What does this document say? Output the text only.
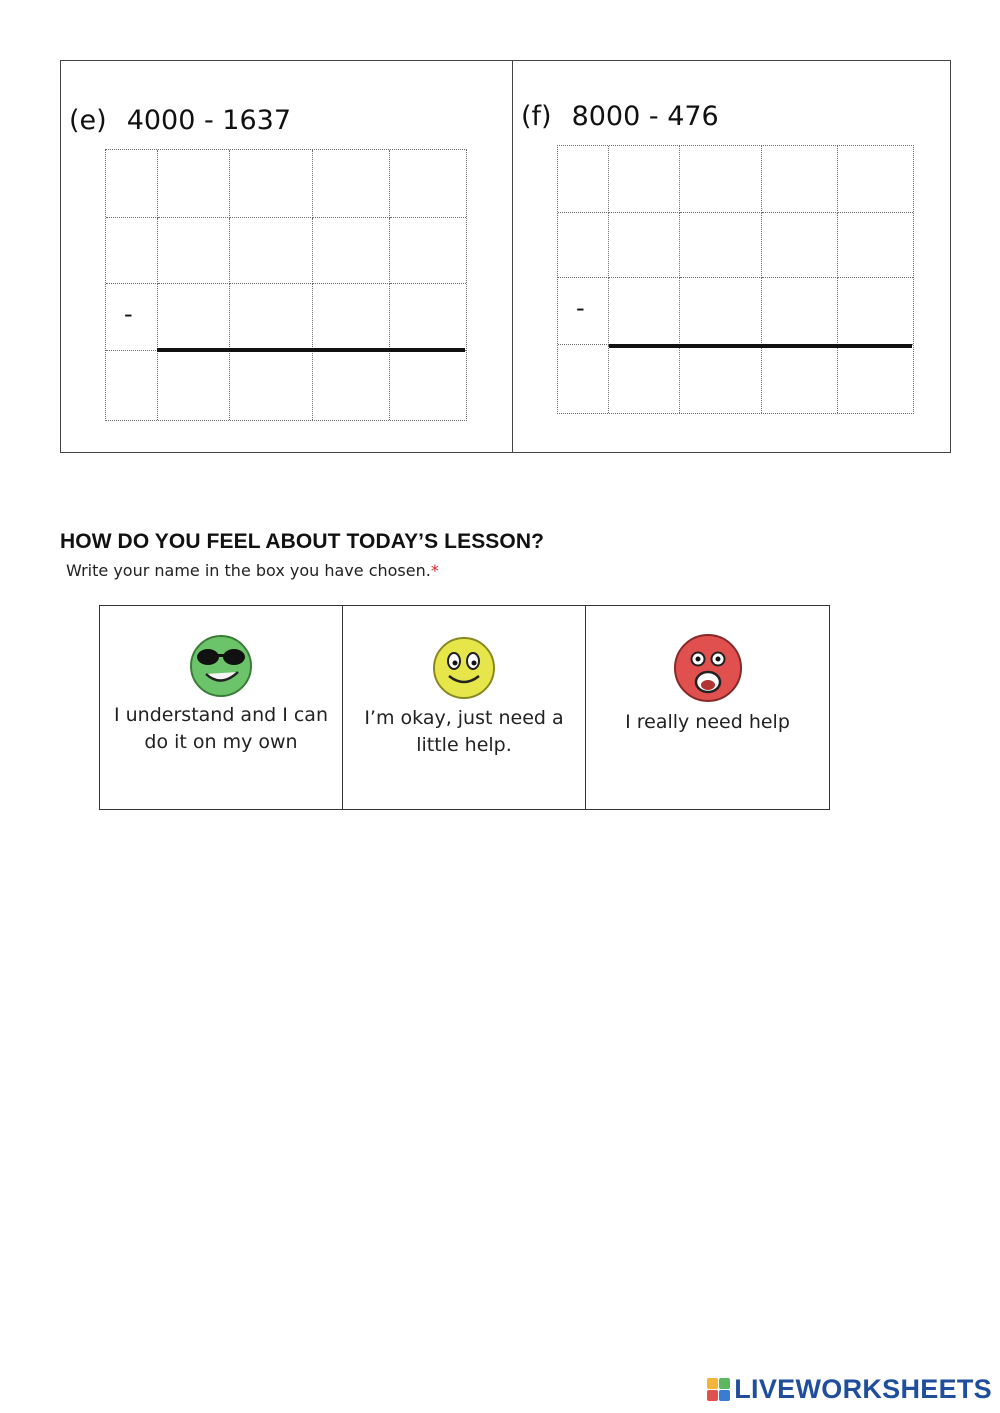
(e) 4000 - 1637
-
(f) 8000 - 476
-
HOW DO YOU FEEL ABOUT TODAY’S LESSON?
Write your name in the box you have chosen.*
I understand and I can do it on my own
I’m okay, just need a little help.
I really need help
LIVEWORKSHEETS
